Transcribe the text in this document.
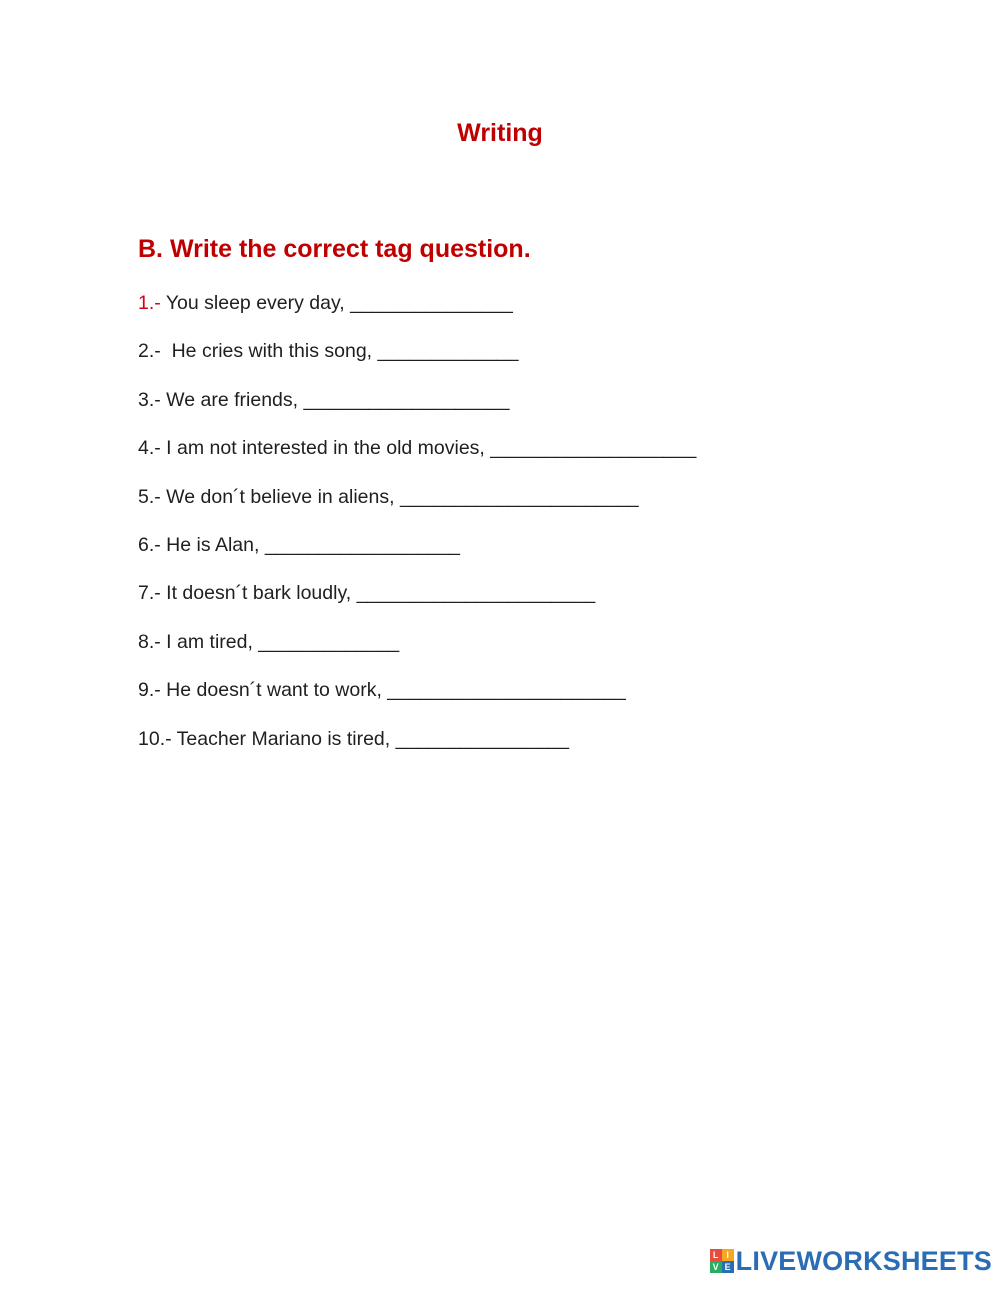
Writing
B. Write the correct tag question.
1.- You sleep every day, _______________
2.-  He cries with this song, _____________
3.- We are friends, ___________________
4.- I am not interested in the old movies, ___________________
5.- We don´t believe in aliens, ______________________
6.- He is Alan, __________________
7.- It doesn´t bark loudly, ______________________
8.- I am tired, _____________
9.- He doesn´t want to work, ______________________
10.- Teacher Mariano is tired, ________________
L I
V E LIVEWORKSHEETS
